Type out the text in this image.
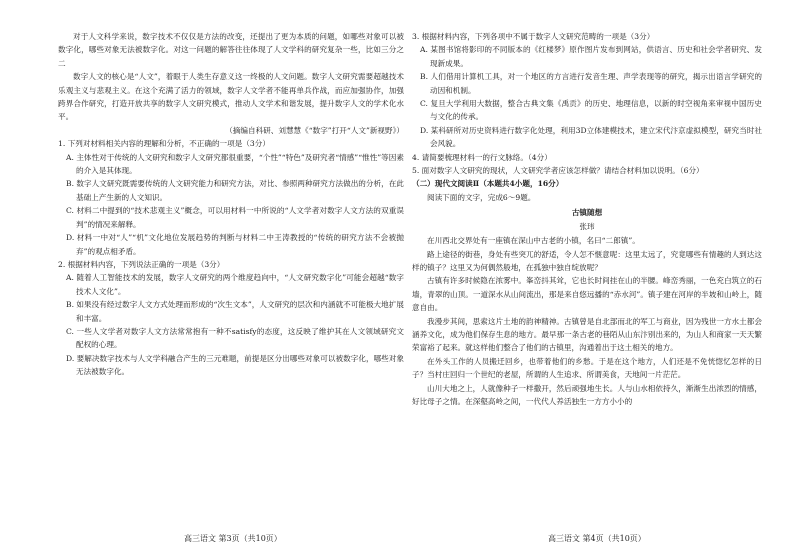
对于人文科学来说，数字技术不仅仅是方法的改变，还提出了更为本质的问题，如哪些对象可以被数字化，哪些对象无法被数字化。对这一问题的解答往往体现了人文学科的研究复杂一些，比如三分之二

数字人文的核心是“人文”，着眼于人类生存意义这一终极的人文问题。数字人文研究需要超越技术乐观主义与悲观主义。在这个充满了活力的领域，数字人文学者不能再单兵作战，而应加强协作，加强跨界合作研究，打造开放共享的数字人文研究模式，推动人文学术和谐发展，提升数字人文的学术化水平。

（摘编自科研、刘慧慧《“数字”打开“人文”新视野》）

1. 下列对材料相关内容的理解和分析，不正确的一项是（3分）

A. 主体性对于传统的人文研究和数字人文研究都很重要，“个性”“特色”及研究者“情感”“惟性”等因素的介入是其体现。

B. 数字人文研究既需要传统的人文研究能力和研究方法，对比、参照两种研究方法做出的分析，在此基础上产生新的人文知识。

C. 材料二中提到的“技术悲观主义”概念，可以用材料一中所说的“人文学者对数字人文方法的双重误判”的情况来解释。

D. 材料一中对“人”“机”文化地位发展趋势的判断与材料二中王涛教授的“传统的研究方法不会被抛弃”的观点相矛盾。

2. 根据材料内容，下列说法正确的一项是（3分）

A. 随着人工智能技术的发展，数字人文研究的两个维度趋向中，“人文研究数字化”可能会超越“数字技术人文化”。

B. 如果没有经过数字人文方式处理而形成的“次生文本”，人文研究的层次和内涵就不可能极大地扩展和丰富。

C. 一些人文学者对数字人文方法常常抱有一种不satisfy的态度，这反映了维护其在人文领域研究文配权的心理。

D. 要解决数字技术与人文学科融合产生的三元难题，前提是区分出哪些对象可以被数字化，哪些对象无法被数字化。

3. 根据材料内容，下列各项中不属于数字人文研究范畴的一项是（3分）

A. 某图书馆将影印的不同版本的《红楼梦》原作图片发布到网站，供语言、历史和社会学者研究、发现新成果。

B. 人们借用计算机工具，对一个地区的方言进行发音生理、声学表现等的研究，揭示出语言学研究的动因和机制。

C. 复旦大学利用大数据，整合古典文集《禹贡》的历史、地理信息，以新的时空视角来审视中国历史与文化的传承。

D. 某科研所对历史资料进行数字化处理，利用3D立体建模技术，建立宋代汴京虚拟模型，研究当时社会风貌。

4. 请简要梳理材料一的行文脉络。（4分）

5. 面对数字人文研究的现状，人文研究学者应该怎样做？请结合材料加以说明。（6分）

（二）现代文阅读Ⅱ（本题共4小题，16分）

阅读下面的文字，完成6～9题。

古镇随想

张玮

在川西北交界处有一座镇在深山中古老的小镇，名曰“二郎镇”。

路上途径的街巷，身处有些突兀的舒适，令人怎不惬意呢：这里太远了，究竟哪些有情趣的人到达这样的镇子？这里又为何偶然般地，在孤独中独自绽放呢？

古镇有许多时候隐在浓雾中。峯峦抖其耸，它也长时间挂在山的半腰。峰峦秀丽，一色充白筑立的石墙，青翠的山顶。一道深水从山间流出，那是来自悠远播的“赤水河”。镇子建在河岸的半坡和山岭上，随意自由。

我漫步其间，思索这片土地的韵神精神。古镇曾是自北部而北的军工与商业，因为残世一方水土都会涵养文化，成为他们保存生息的地方。最早那一条古老的巷陌从山东汴别出来的，为山人和商家一天天繁荣富裕了起来。就这样他们整合了他们的古镇里，沟通着出于这土相关的地方。

在外头工作的人员搬迁回乡，也带着他们的乡愁。于是在这个地方，人们还是不免恍惚忆怎样的日子？当村庄回归一个世纪的老屋，所谓的人生追求、所谓美食，天地间一片茫茫。

山川大地之上，人就像种子一样撒开，然后顽强地生长。人与山水相依持久，渐渐生出浓烈的情感，好比母子之情。在深壑高岭之间，一代代人养活独生一方方小小的

高三语文 第3页（共10页）	高三语文 第4页（共10页）
